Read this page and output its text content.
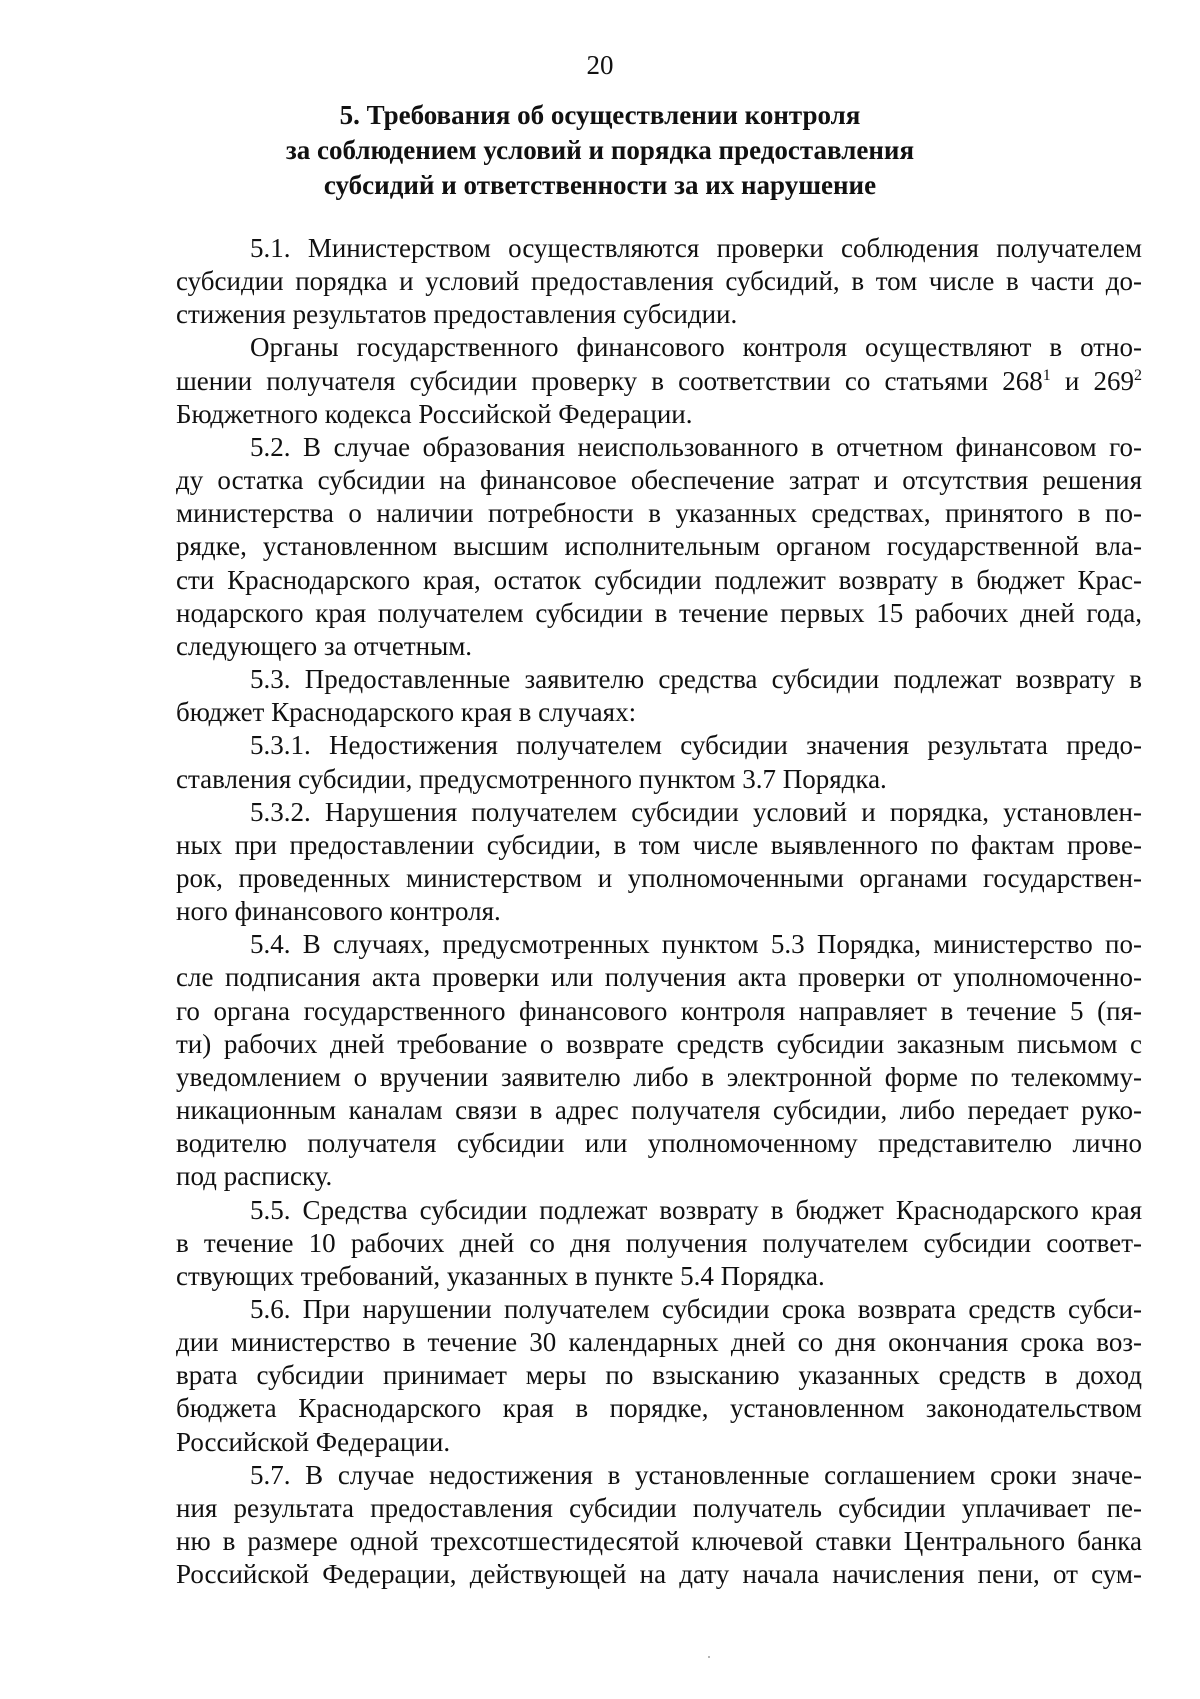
20
5. Требования об осуществлении контроля
за соблюдением условий и порядка предоставления
субсидий и ответственности за их нарушение
5.1. Министерством осуществляются проверки соблюдения получателем
субсидии порядка и условий предоставления субсидий, в том числе в части до-
стижения результатов предоставления субсидии.
Органы государственного финансового контроля осуществляют в отно-
шении получателя субсидии проверку в соответствии со статьями $268^1$ и $269^2$
Бюджетного кодекса Российской Федерации.
5.2. В случае образования неиспользованного в отчетном финансовом го-
ду остатка субсидии на финансовое обеспечение затрат и отсутствия решения
министерства о наличии потребности в указанных средствах, принятого в по-
рядке, установленном высшим исполнительным органом государственной вла-
сти Краснодарского края, остаток субсидии подлежит возврату в бюджет Крас-
нодарского края получателем субсидии в течение первых 15 рабочих дней года,
следующего за отчетным.
5.3. Предоставленные заявителю средства субсидии подлежат возврату в
бюджет Краснодарского края в случаях:
5.3.1. Недостижения получателем субсидии значения результата предо-
ставления субсидии, предусмотренного пунктом 3.7 Порядка.
5.3.2. Нарушения получателем субсидии условий и порядка, установлен-
ных при предоставлении субсидии, в том числе выявленного по фактам прове-
рок, проведенных министерством и уполномоченными органами государствен-
ного финансового контроля.
5.4. В случаях, предусмотренных пунктом 5.3 Порядка, министерство по-
сле подписания акта проверки или получения акта проверки от уполномоченно-
го органа государственного финансового контроля направляет в течение 5 (пя-
ти) рабочих дней требование о возврате средств субсидии заказным письмом с
уведомлением о вручении заявителю либо в электронной форме по телекомму-
никационным каналам связи в адрес получателя субсидии, либо передает руко-
водителю получателя субсидии или уполномоченному представителю лично
под расписку.
5.5. Средства субсидии подлежат возврату в бюджет Краснодарского края
в течение 10 рабочих дней со дня получения получателем субсидии соответ-
ствующих требований, указанных в пункте 5.4 Порядка.
5.6. При нарушении получателем субсидии срока возврата средств субси-
дии министерство в течение 30 календарных дней со дня окончания срока воз-
врата субсидии принимает меры по взысканию указанных средств в доход
бюджета Краснодарского края в порядке, установленном законодательством
Российской Федерации.
5.7. В случае недостижения в установленные соглашением сроки значе-
ния результата предоставления субсидии получатель субсидии уплачивает пе-
ню в размере одной трехсотшестидесятой ключевой ставки Центрального банка
Российской Федерации, действующей на дату начала начисления пени, от сум-
